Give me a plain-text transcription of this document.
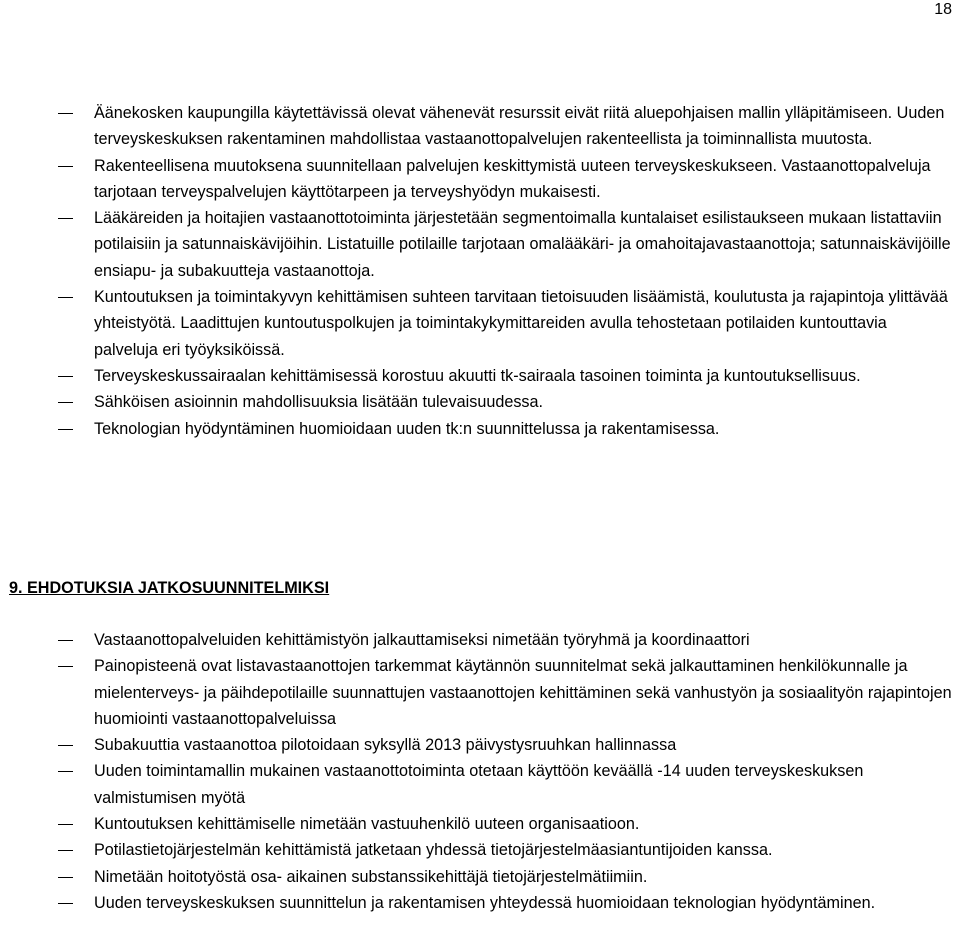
18
Äänekosken kaupungilla käytettävissä olevat vähenevät resurssit eivät riitä aluepohjaisen mallin ylläpitämiseen. Uuden terveyskeskuksen rakentaminen mahdollistaa vastaanottopalvelujen rakenteellista ja toiminnallista muutosta.
Rakenteellisena muutoksena suunnitellaan palvelujen keskittymistä uuteen terveyskeskukseen. Vastaanottopalveluja tarjotaan terveyspalvelujen käyttötarpeen ja terveyshyödyn mukaisesti.
Lääkäreiden ja hoitajien vastaanottotoiminta järjestetään segmentoimalla kuntalaiset esilistaukseen mukaan listattaviin potilaisiin ja satunnaiskävijöihin. Listatuille potilaille tarjotaan omalääkäri- ja omahoitajavastaanottoja; satunnaiskävijöille ensiapu- ja subakuutteja vastaanottoja.
Kuntoutuksen ja toimintakyvyn kehittämisen suhteen tarvitaan tietoisuuden lisäämistä, koulutusta ja rajapintoja ylittävää yhteistyötä. Laadittujen kuntoutuspolkujen ja toimintakykymittareiden avulla tehostetaan potilaiden kuntouttavia palveluja eri työyksiköissä.
Terveyskeskussairaalan kehittämisessä korostuu akuutti tk-sairaala tasoinen toiminta ja kuntoutuksellisuus.
Sähköisen asioinnin mahdollisuuksia lisätään tulevaisuudessa.
Teknologian hyödyntäminen huomioidaan uuden tk:n suunnittelussa ja rakentamisessa.
9. EHDOTUKSIA JATKOSUUNNITELMIKSI
Vastaanottopalveluiden kehittämistyön jalkauttamiseksi nimetään työryhmä ja koordinaattori
Painopisteenä ovat listavastaanottojen tarkemmat käytännön suunnitelmat sekä jalkauttaminen henkilökunnalle ja mielenterveys- ja päihdepotilaille suunnattujen vastaanottojen kehittäminen sekä vanhustyön ja sosiaalityön rajapintojen huomiointi vastaanottopalveluissa
Subakuuttia vastaanottoa pilotoidaan syksyllä 2013 päivystysruuhkan hallinnassa
Uuden toimintamallin mukainen vastaanottotoiminta otetaan käyttöön keväällä -14 uuden terveyskeskuksen valmistumisen myötä
Kuntoutuksen kehittämiselle nimetään vastuuhenkilö uuteen organisaatioon.
Potilastietojärjestelmän kehittämistä jatketaan yhdessä tietojärjestelmäasiantuntijoiden kanssa.
Nimetään hoitotyöstä osa- aikainen substanssikehittäjä tietojärjestelmätiimiin.
Uuden terveyskeskuksen suunnittelun ja rakentamisen yhteydessä huomioidaan teknologian hyödyntäminen.
